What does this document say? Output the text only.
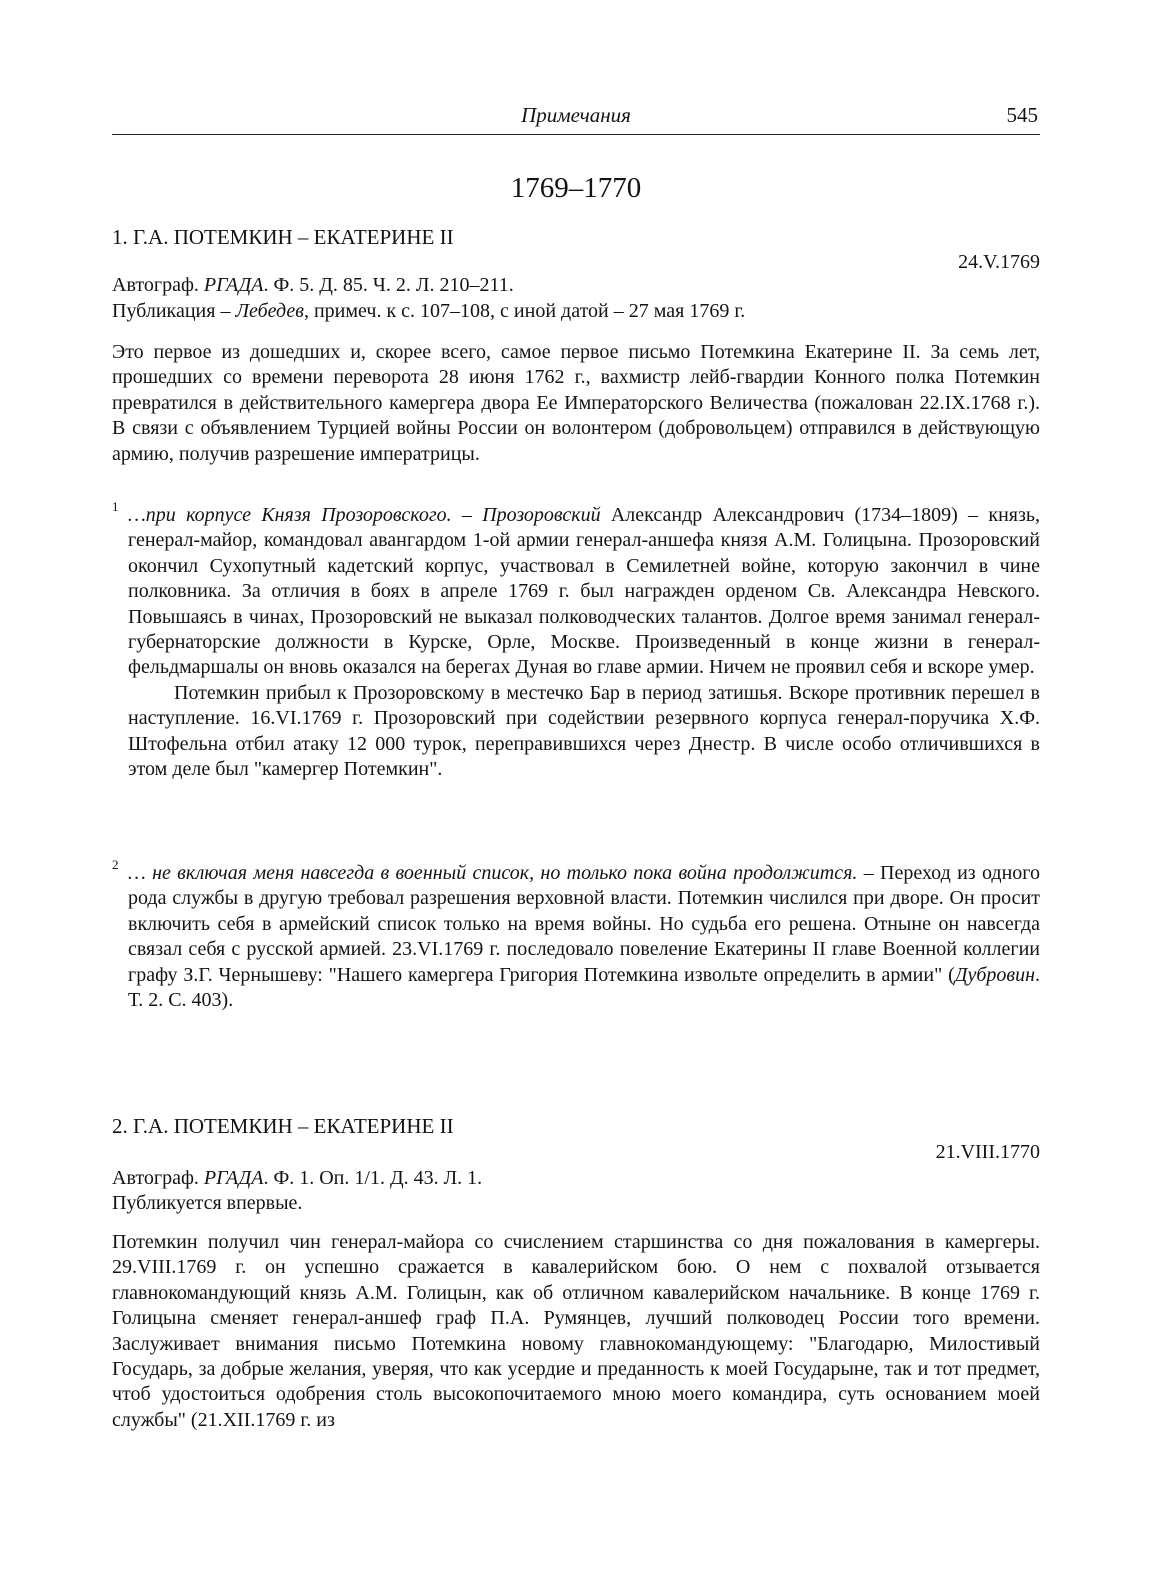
Примечания	545
1769–1770
1. Г.А. ПОТЕМКИН – ЕКАТЕРИНЕ II
24.V.1769
Автограф. РГАДА. Ф. 5. Д. 85. Ч. 2. Л. 210–211.
Публикация – Лебедев, примеч. к с. 107–108, с иной датой – 27 мая 1769 г.
Это первое из дошедших и, скорее всего, самое первое письмо Потемкина Екатерине II. За семь лет, прошедших со времени переворота 28 июня 1762 г., вахмистр лейб-гвардии Конного полка Потемкин превратился в действительного камергера двора Ее Императорского Величества (пожалован 22.IX.1768 г.). В связи с объявлением Турцией войны России он волонтером (добровольцем) отправился в действующую армию, получив разрешение императрицы.
1 …при корпусе Князя Прозоровского. – Прозоровский Александр Александрович (1734–1809) – князь, генерал-майор, командовал авангардом 1-ой армии генерал-аншефа князя А.М. Голицына. Прозоровский окончил Сухопутный кадетский корпус, участвовал в Семилетней войне, которую закончил в чине полковника. За отличия в боях в апреле 1769 г. был награжден орденом Св. Александра Невского. Повышаясь в чинах, Прозоровский не выказал полководческих талантов. Долгое время занимал генерал-губернаторские должности в Курске, Орле, Москве. Произведенный в конце жизни в генерал-фельдмаршалы он вновь оказался на берегах Дуная во главе армии. Ничем не проявил себя и вскоре умер.
Потемкин прибыл к Прозоровскому в местечко Бар в период затишья. Вскоре противник перешел в наступление. 16.VI.1769 г. Прозоровский при содействии резервного корпуса генерал-поручика Х.Ф. Штофельна отбил атаку 12 000 турок, переправившихся через Днестр. В числе особо отличившихся в этом деле был "камергер Потемкин".
2 … не включая меня навсегда в военный список, но только пока война продолжится. – Переход из одного рода службы в другую требовал разрешения верховной власти. Потемкин числился при дворе. Он просит включить себя в армейский список только на время войны. Но судьба его решена. Отныне он навсегда связал себя с русской армией. 23.VI.1769 г. последовало повеление Екатерины II главе Военной коллегии графу З.Г. Чернышеву: "Нашего камергера Григория Потемкина извольте определить в армии" (Дубровин. Т. 2. С. 403).
2. Г.А. ПОТЕМКИН – ЕКАТЕРИНЕ II
21.VIII.1770
Автограф. РГАДА. Ф. 1. Оп. 1/1. Д. 43. Л. 1.
Публикуется впервые.
Потемкин получил чин генерал-майора со счислением старшинства со дня пожалования в камергеры. 29.VIII.1769 г. он успешно сражается в кавалерийском бою. О нем с похвалой отзывается главнокомандующий князь А.М. Голицын, как об отличном кавалерийском начальнике. В конце 1769 г. Голицына сменяет генерал-аншеф граф П.А. Румянцев, лучший полководец России того времени. Заслуживает внимания письмо Потемкина новому главнокомандующему: "Благодарю, Милостивый Государь, за добрые желания, уверяя, что как усердие и преданность к моей Государыне, так и тот предмет, чтоб удостоиться одобрения столь высокопочитаемого мною моего командира, суть основанием моей службы" (21.XII.1769 г. из
